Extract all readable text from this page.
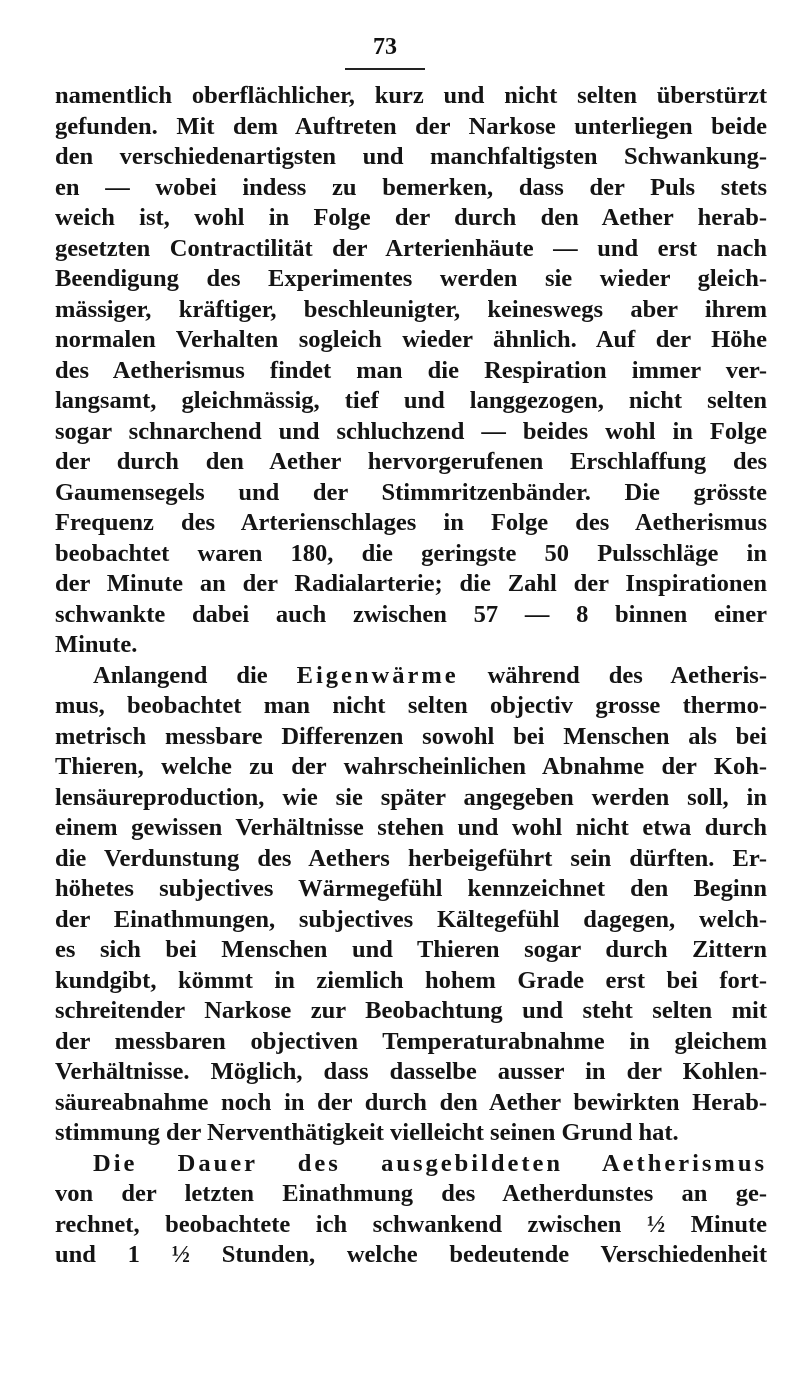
73
namentlich oberflächlicher, kurz und nicht selten überstürzt
gefunden. Mit dem Auftreten der Narkose unterliegen beide
den verschiedenartigsten und manchfaltigsten Schwankung-
en — wobei indess zu bemerken, dass der Puls stets
weich ist, wohl in Folge der durch den Aether herab-
gesetzten Contractilität der Arterienhäute — und erst nach
Beendigung des Experimentes werden sie wieder gleich-
mässiger, kräftiger, beschleunigter, keineswegs aber ihrem
normalen Verhalten sogleich wieder ähnlich. Auf der Höhe
des Aetherismus findet man die Respiration immer ver-
langsamt, gleichmässig, tief und langgezogen, nicht selten
sogar schnarchend und schluchzend — beides wohl in Folge
der durch den Aether hervorgerufenen Erschlaffung des
Gaumensegels und der Stimmritzenbänder. Die grösste
Frequenz des Arterienschlages in Folge des Aetherismus
beobachtet waren 180, die geringste 50 Pulsschläge in
der Minute an der Radialarterie; die Zahl der Inspirationen
schwankte dabei auch zwischen 57 — 8 binnen einer
Minute.
Anlangend die Eigenwärme während des Aetheris-
mus, beobachtet man nicht selten objectiv grosse thermo-
metrisch messbare Differenzen sowohl bei Menschen als bei
Thieren, welche zu der wahrscheinlichen Abnahme der Koh-
lensäureproduction, wie sie später angegeben werden soll, in
einem gewissen Verhältnisse stehen und wohl nicht etwa durch
die Verdunstung des Aethers herbeigeführt sein dürften. Er-
höhetes subjectives Wärmegefühl kennzeichnet den Beginn
der Einathmungen, subjectives Kältegefühl dagegen, welch-
es sich bei Menschen und Thieren sogar durch Zittern
kundgibt, kömmt in ziemlich hohem Grade erst bei fort-
schreitender Narkose zur Beobachtung und steht selten mit
der messbaren objectiven Temperaturabnahme in gleichem
Verhältnisse. Möglich, dass dasselbe ausser in der Kohlen-
säureabnahme noch in der durch den Aether bewirkten Herab-
stimmung der Nerventhätigkeit vielleicht seinen Grund hat.
Die Dauer des ausgebildeten Aetherismus
von der letzten Einathmung des Aetherdunstes an ge-
rechnet, beobachtete ich schwankend zwischen ½ Minute
und 1 ½ Stunden, welche bedeutende Verschiedenheit
